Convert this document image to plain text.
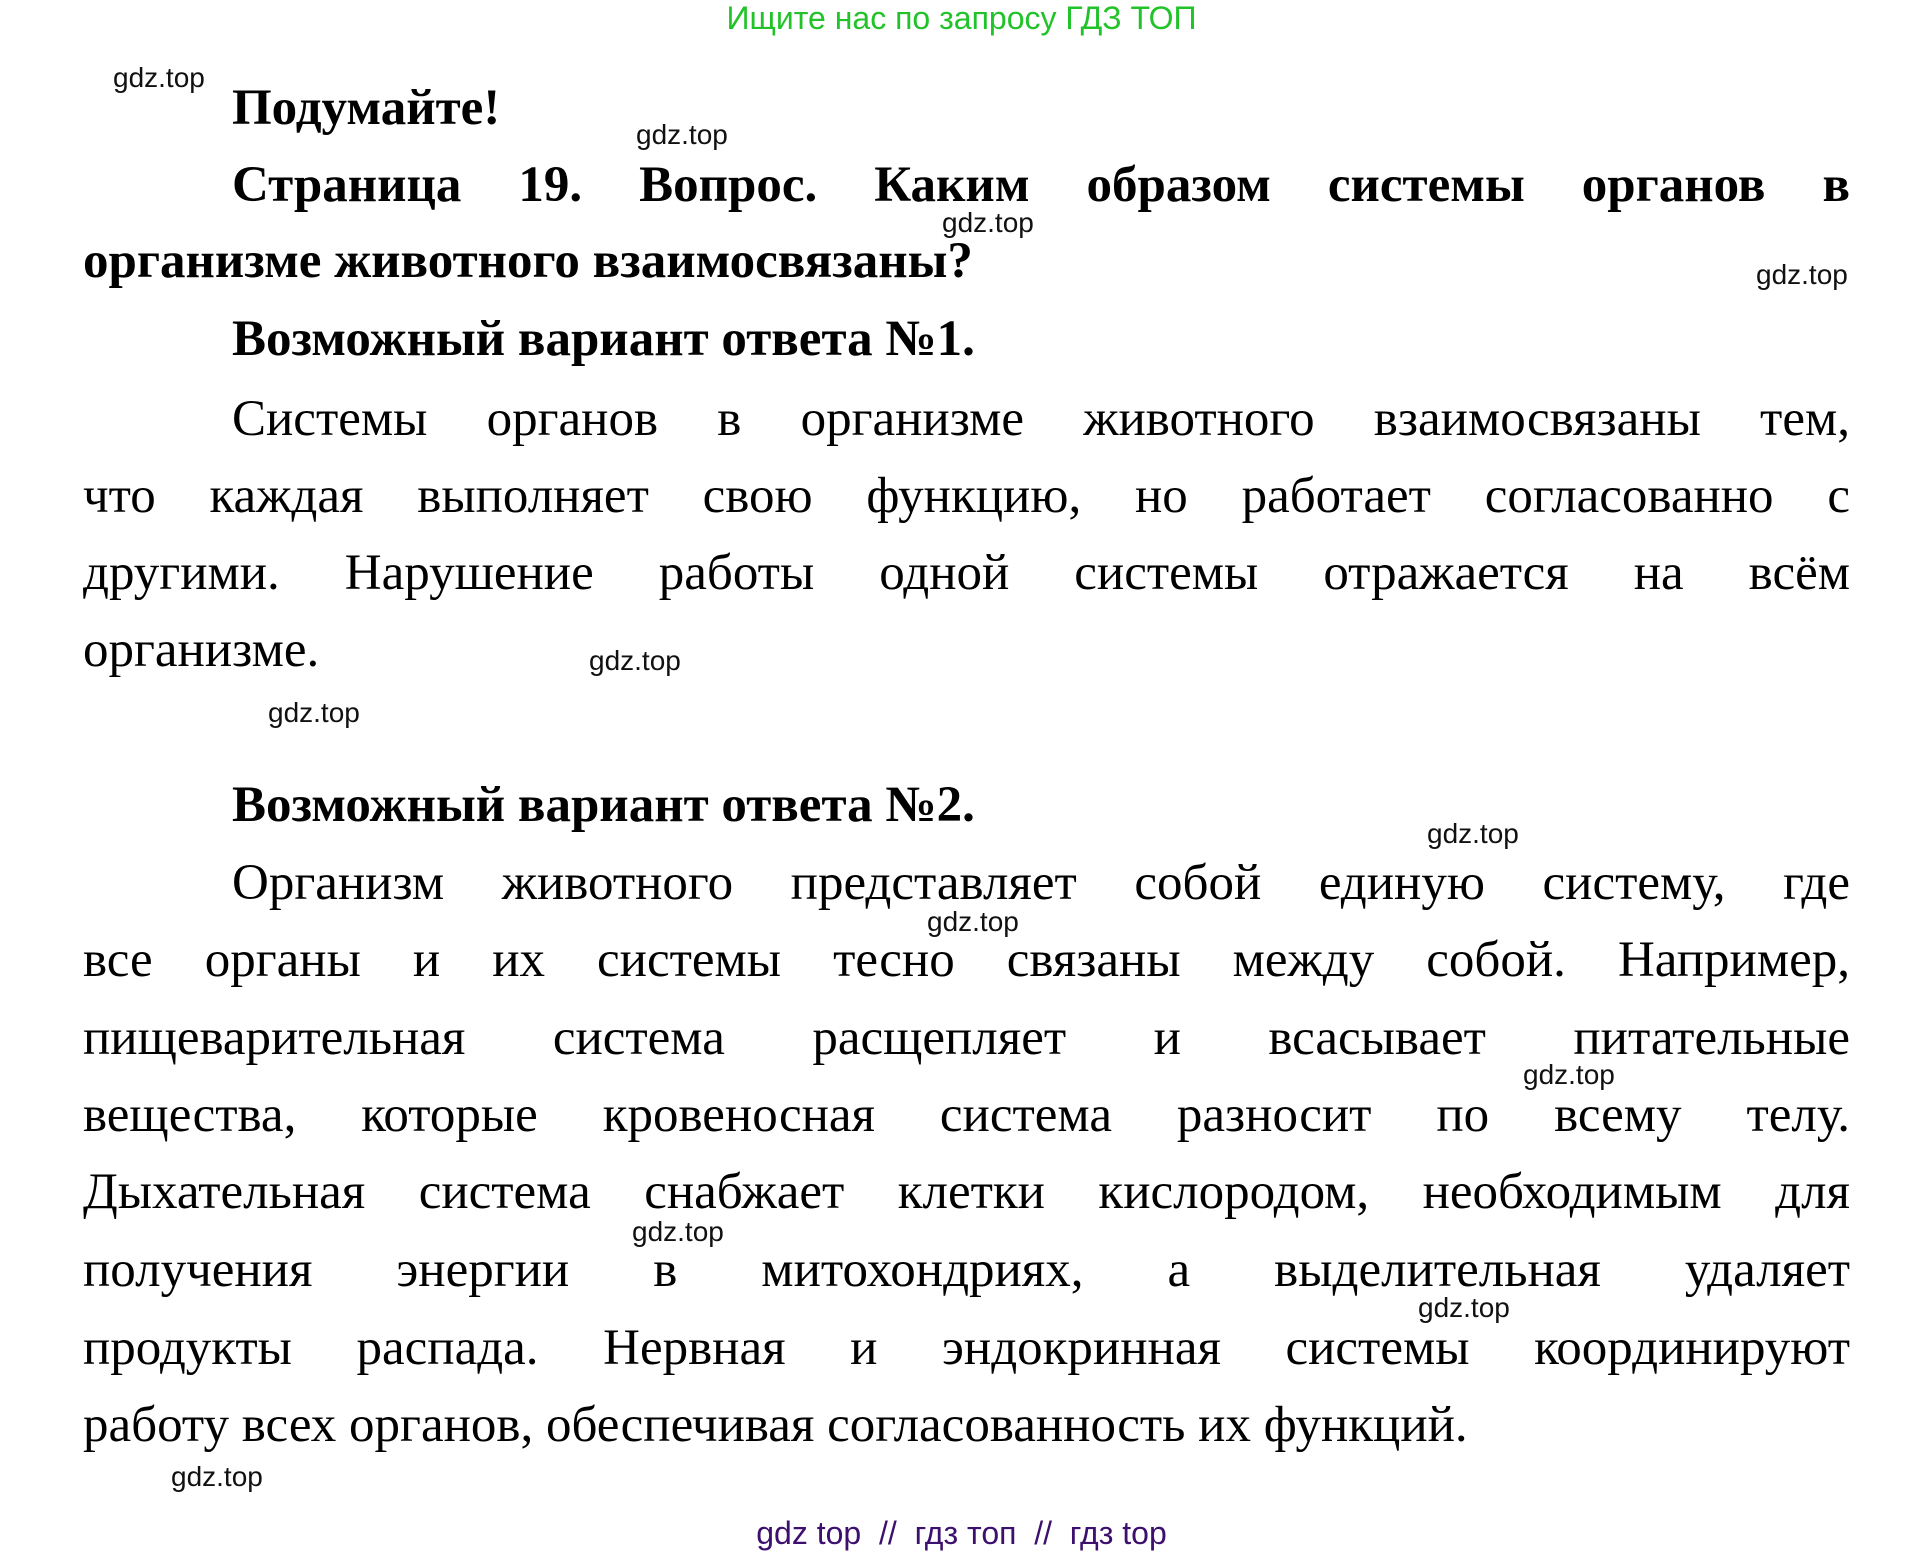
Ищите нас по запросу ГДЗ ТОП
Подумайте!
Страница 19. Вопрос. Каким образом системы органов в
организме животного взаимосвязаны?
Возможный вариант ответа №1.
Системы органов в организме животного взаимосвязаны тем,
что каждая выполняет свою функцию, но работает согласованно с
другими. Нарушение работы одной системы отражается на всём
организме.
Возможный вариант ответа №2.
Организм животного представляет собой единую систему, где
все органы и их системы тесно связаны между собой. Например,
пищеварительная система расщепляет и всасывает питательные
вещества, которые кровеносная система разносит по всему телу.
Дыхательная система снабжает клетки кислородом, необходимым для
получения энергии в митохондриях, а выделительная удаляет
продукты распада. Нервная и эндокринная системы координируют
работу всех органов, обеспечивая согласованность их функций.
gdz.top
gdz.top
gdz.top
gdz.top
gdz.top
gdz.top
gdz.top
gdz.top
gdz.top
gdz.top
gdz.top
gdz.top
gdz top  //  гдз топ  //  гдз top
